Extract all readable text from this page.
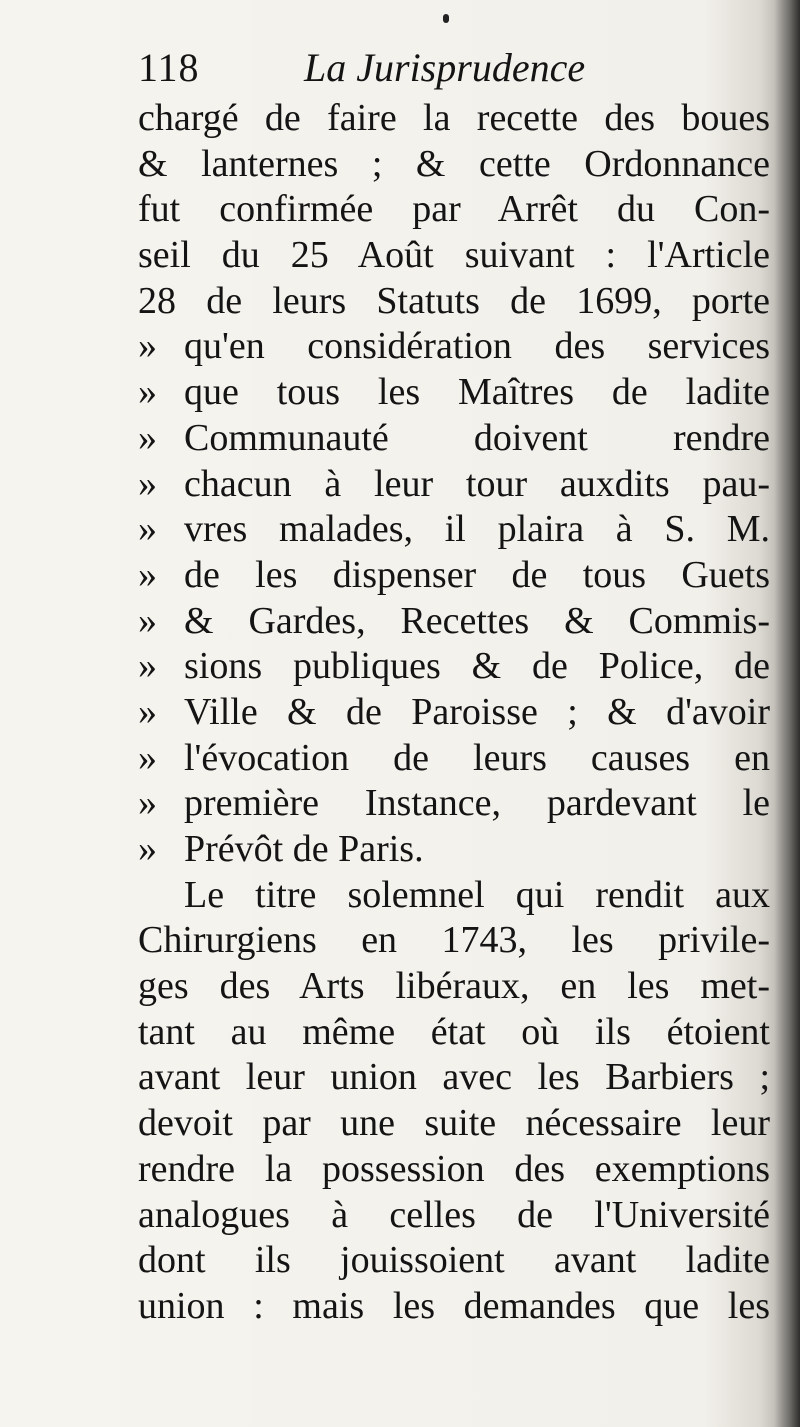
118	La Jurisprudence
chargé de faire la recette des boues
& lanternes ; & cette Ordonnance
fut confirmée par Arrêt du Con-
seil du 25 Août suivant : l'Article
28 de leurs Statuts de 1699, porte
» qu'en considération des services
» que tous les Maîtres de ladite
» Communauté doivent rendre
» chacun à leur tour auxdits pau-
» vres malades, il plaira à S. M.
» de les dispenser de tous Guets
» & Gardes, Recettes & Commis-
» sions publiques & de Police, de
» Ville & de Paroisse ; & d'avoir
» l'évocation de leurs causes en
» première Instance, pardevant le
» Prévôt de Paris.
Le titre solemnel qui rendit aux
Chirurgiens en 1743, les privile-
ges des Arts libéraux, en les met-
tant au même état où ils étoient
avant leur union avec les Barbiers ;
devoit par une suite nécessaire leur
rendre la possession des exemptions
analogues à celles de l'Université
dont ils jouissoient avant ladite
union : mais les demandes que les
